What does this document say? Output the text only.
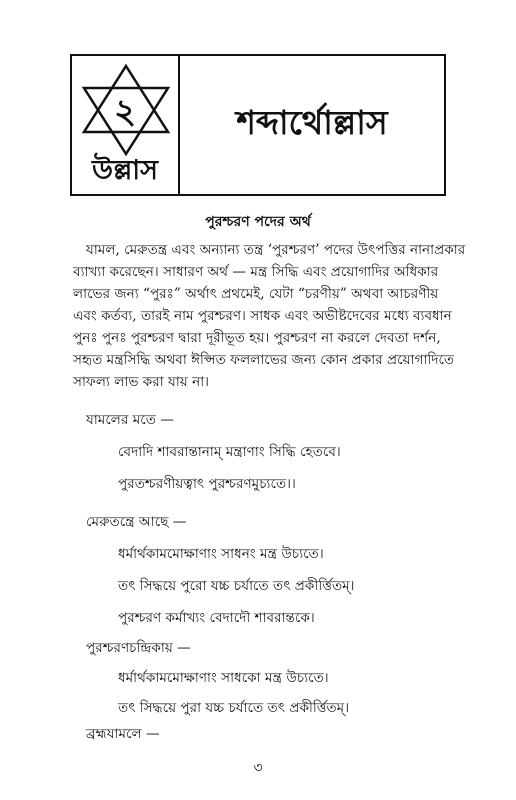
২
উল্লাস
শব্দার্থোল্লাস
পুরশ্চরণ পদের অর্থ
যামল, মেরুতন্ত্র এবং অন্যান্য তন্ত্র ‘পুরশ্চরণ’ পদের উৎপত্তির নানাপ্রকার
ব্যাখ্যা করেছেন। সাধারণ অর্থ — মন্ত্র সিদ্ধি এবং প্রয়োগাদির অধিকার
লাভের জন্য “পুরঃ” অর্থাৎ প্রথমেই, যেটা “চরণীয়” অথবা আচরণীয়
এবং কর্তব্য, তারই নাম পুরশ্চরণ। সাধক এবং অভীষ্টদেবের মধ্যে ব্যবধান
পুনঃ পুনঃ পুরশ্চরণ দ্বারা দূরীভূত হয়। পুরশ্চরণ না করলে দেবতা দর্শন,
সহৃত মন্ত্রসিদ্ধি অথবা ঈপ্সিত ফললাভের জন্য কোন প্রকার প্রয়োগাদিতে
সাফল্য লাভ করা যায় না।
যামলের মতে —
বেদাদি শাবরান্তানাম্ মন্ত্রাণাং সিদ্ধি হেতবে।
পুরতশ্চরণীয়ত্বাৎ পুরশ্চরণমুচ্যতে।।
মেরুতন্ত্রে আছে —
ধর্মার্থকামমোক্ষাণাং সাধনং মন্ত্র উচ্যতে।
তৎ সিদ্ধয়ে পুরো যচ্চ চর্যাতে তৎ প্রকীর্ত্তিতম্।
পুরশ্চরণ কর্মাখ্যং বেদাদৌ শাবরান্তকে।
পুরশ্চরণচন্দ্রিকায় —
ধর্মার্থকামমোক্ষাণাং সাধকো মন্ত্র উচ্যতে।
তৎ সিদ্ধয়ে পুরা যচ্চ চর্যাতে তৎ প্রকীর্ত্তিতম্।
ব্রহ্মযামলে —
৩
